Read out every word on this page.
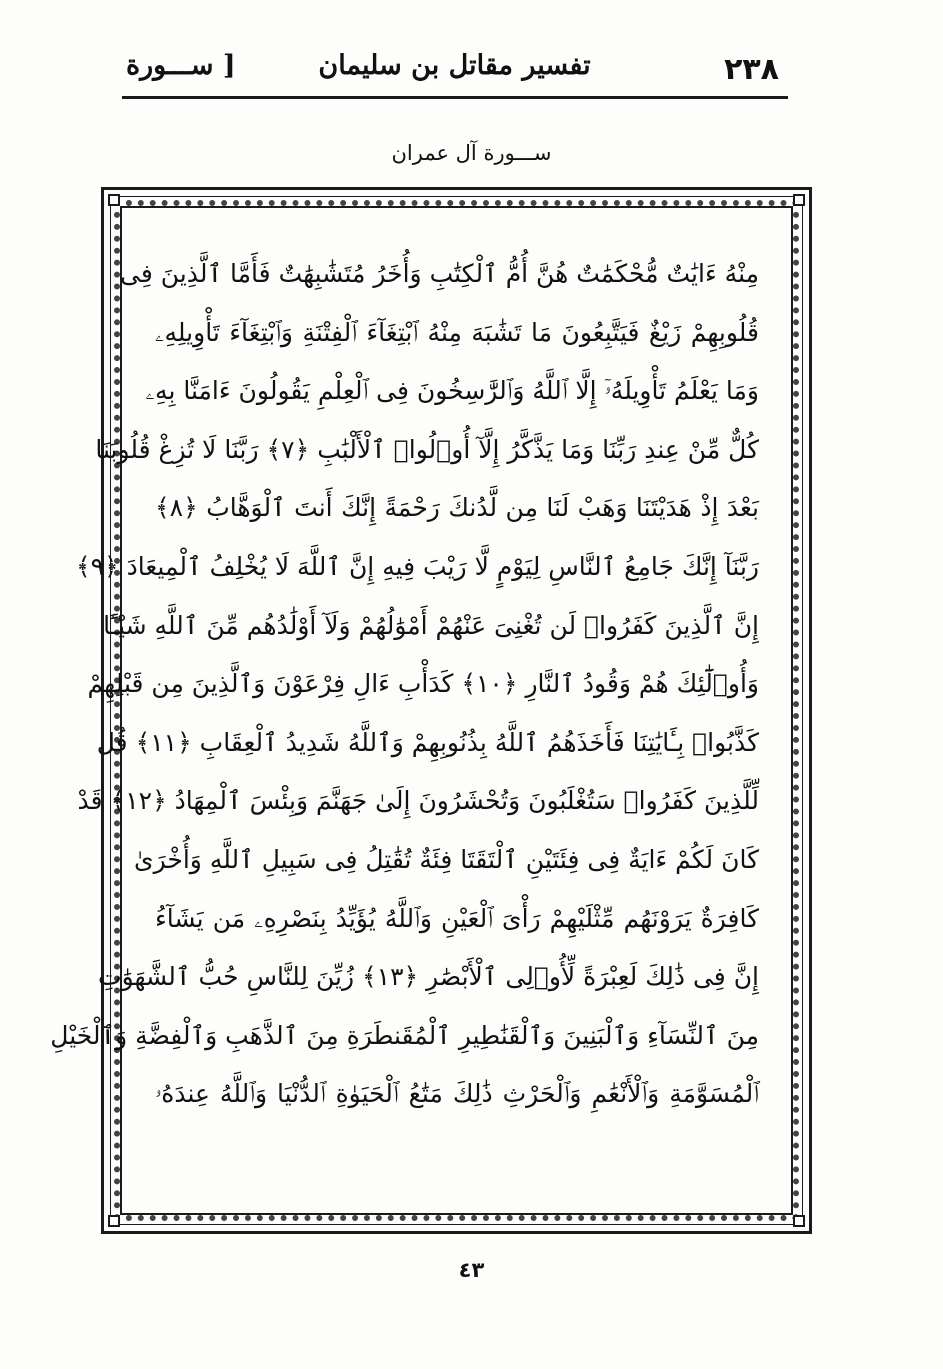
٢٣٨
تفسير مقاتل بن سليمان
[ ســـورة
ســـورة آل عمران
مِنْهُ ءَايَٰتٌ مُّحْكَمَٰتٌ هُنَّ أُمُّ ٱلْكِتَٰبِ وَأُخَرُ مُتَشَٰبِهَٰتٌ فَأَمَّا ٱلَّذِينَ فِى
قُلُوبِهِمْ زَيْغٌ فَيَتَّبِعُونَ مَا تَشَٰبَهَ مِنْهُ ٱبْتِغَآءَ ٱلْفِتْنَةِ وَٱبْتِغَآءَ تَأْوِيلِهِۦ
وَمَا يَعْلَمُ تَأْوِيلَهُۥٓ إِلَّا ٱللَّهُ وَٱلرَّٰسِخُونَ فِى ٱلْعِلْمِ يَقُولُونَ ءَامَنَّا بِهِۦ
كُلٌّ مِّنْ عِندِ رَبِّنَا وَمَا يَذَّكَّرُ إِلَّآ أُو۟لُوا۟ ٱلْأَلْبَٰبِ ﴿٧﴾ رَبَّنَا لَا تُزِغْ قُلُوبَنَا
بَعْدَ إِذْ هَدَيْتَنَا وَهَبْ لَنَا مِن لَّدُنكَ رَحْمَةً إِنَّكَ أَنتَ ٱلْوَهَّابُ ﴿٨﴾
رَبَّنَآ إِنَّكَ جَامِعُ ٱلنَّاسِ لِيَوْمٍ لَّا رَيْبَ فِيهِ إِنَّ ٱللَّهَ لَا يُخْلِفُ ٱلْمِيعَادَ ﴿٩﴾
إِنَّ ٱلَّذِينَ كَفَرُوا۟ لَن تُغْنِىَ عَنْهُمْ أَمْوَٰلُهُمْ وَلَآ أَوْلَٰدُهُم مِّنَ ٱللَّهِ شَيْـًٔا
وَأُو۟لَٰٓئِكَ هُمْ وَقُودُ ٱلنَّارِ ﴿١٠﴾ كَدَأْبِ ءَالِ فِرْعَوْنَ وَٱلَّذِينَ مِن قَبْلِهِمْ
كَذَّبُوا۟ بِـَٔايَٰتِنَا فَأَخَذَهُمُ ٱللَّهُ بِذُنُوبِهِمْ وَٱللَّهُ شَدِيدُ ٱلْعِقَابِ ﴿١١﴾ قُل
لِّلَّذِينَ كَفَرُوا۟ سَتُغْلَبُونَ وَتُحْشَرُونَ إِلَىٰ جَهَنَّمَ وَبِئْسَ ٱلْمِهَادُ ﴿١٢﴾ قَدْ
كَانَ لَكُمْ ءَايَةٌ فِى فِئَتَيْنِ ٱلْتَقَتَا فِئَةٌ تُقَٰتِلُ فِى سَبِيلِ ٱللَّهِ وَأُخْرَىٰ
كَافِرَةٌ يَرَوْنَهُم مِّثْلَيْهِمْ رَأْىَ ٱلْعَيْنِ وَٱللَّهُ يُؤَيِّدُ بِنَصْرِهِۦ مَن يَشَآءُ
إِنَّ فِى ذَٰلِكَ لَعِبْرَةً لِّأُو۟لِى ٱلْأَبْصَٰرِ ﴿١٣﴾ زُيِّنَ لِلنَّاسِ حُبُّ ٱلشَّهَوَٰتِ
مِنَ ٱلنِّسَآءِ وَٱلْبَنِينَ وَٱلْقَنَٰطِيرِ ٱلْمُقَنطَرَةِ مِنَ ٱلذَّهَبِ وَٱلْفِضَّةِ وَٱلْخَيْلِ
ٱلْمُسَوَّمَةِ وَٱلْأَنْعَٰمِ وَٱلْحَرْثِ ذَٰلِكَ مَتَٰعُ ٱلْحَيَوٰةِ ٱلدُّنْيَا وَٱللَّهُ عِندَهُۥ
٤٣
